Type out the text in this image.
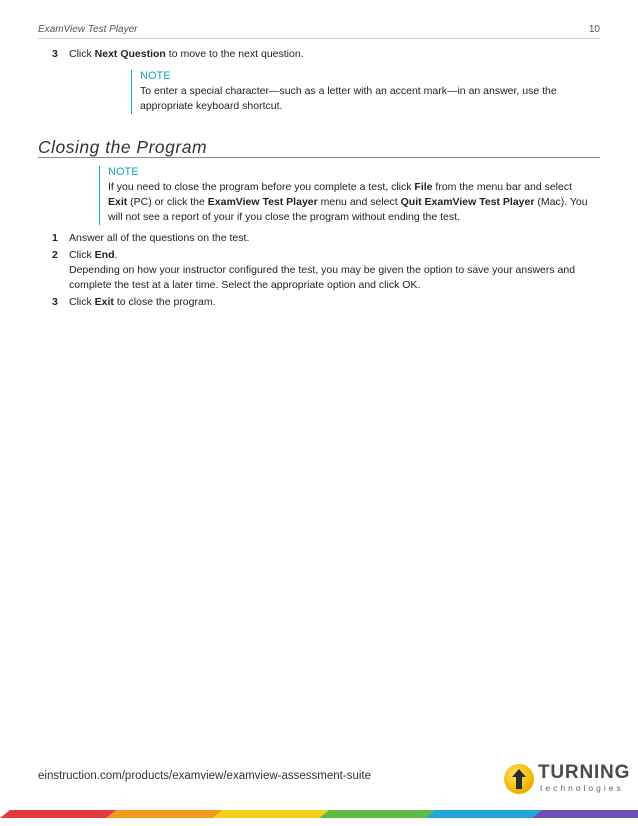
ExamView Test Player	10
3	Click Next Question to move to the next question.
NOTE
To enter a special character—such as a letter with an accent mark—in an answer, use the appropriate keyboard shortcut.
Closing the Program
NOTE
If you need to close the program before you complete a test, click File from the menu bar and select Exit (PC) or click the ExamView Test Player menu and select Quit ExamView Test Player (Mac). You will not see a report of your if you close the program without ending the test.
1	Answer all of the questions on the test.
2	Click End.
Depending on how your instructor configured the test, you may be given the option to save your answers and complete the test at a later time. Select the appropriate option and click OK.
3	Click Exit to close the program.
einstruction.com/products/examview/examview-assessment-suite	TURNING
technologies
